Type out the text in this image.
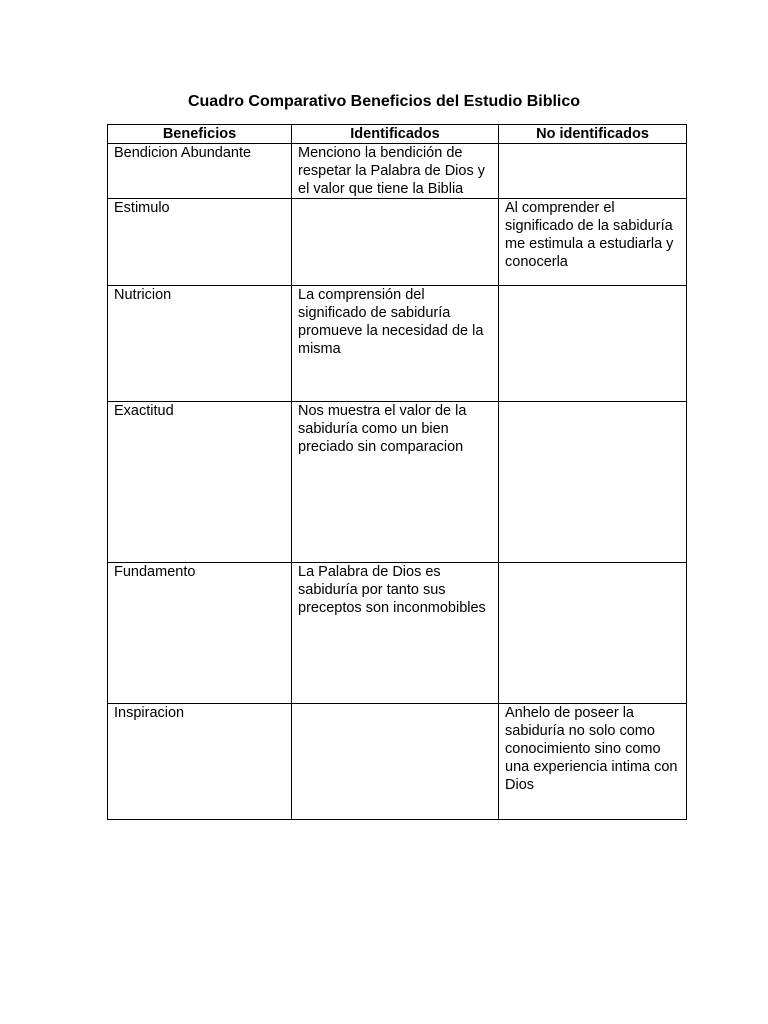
Cuadro Comparativo Beneficios del Estudio Biblico
Beneficios	Identificados	No identificados
Bendicion Abundante	Menciono la bendición de respetar la Palabra de Dios y el valor que tiene la Biblia	
Estimulo		Al comprender el significado de la sabiduría me estimula a estudiarla y conocerla
Nutricion	La comprensión del significado de sabiduría promueve la necesidad de la misma	
Exactitud	Nos muestra el valor de la sabiduría como un bien preciado sin comparacion	
Fundamento	La Palabra de Dios es sabiduría por tanto sus preceptos son inconmobibles	
Inspiracion		Anhelo de poseer la sabiduría no solo como conocimiento sino como una experiencia intima con Dios
